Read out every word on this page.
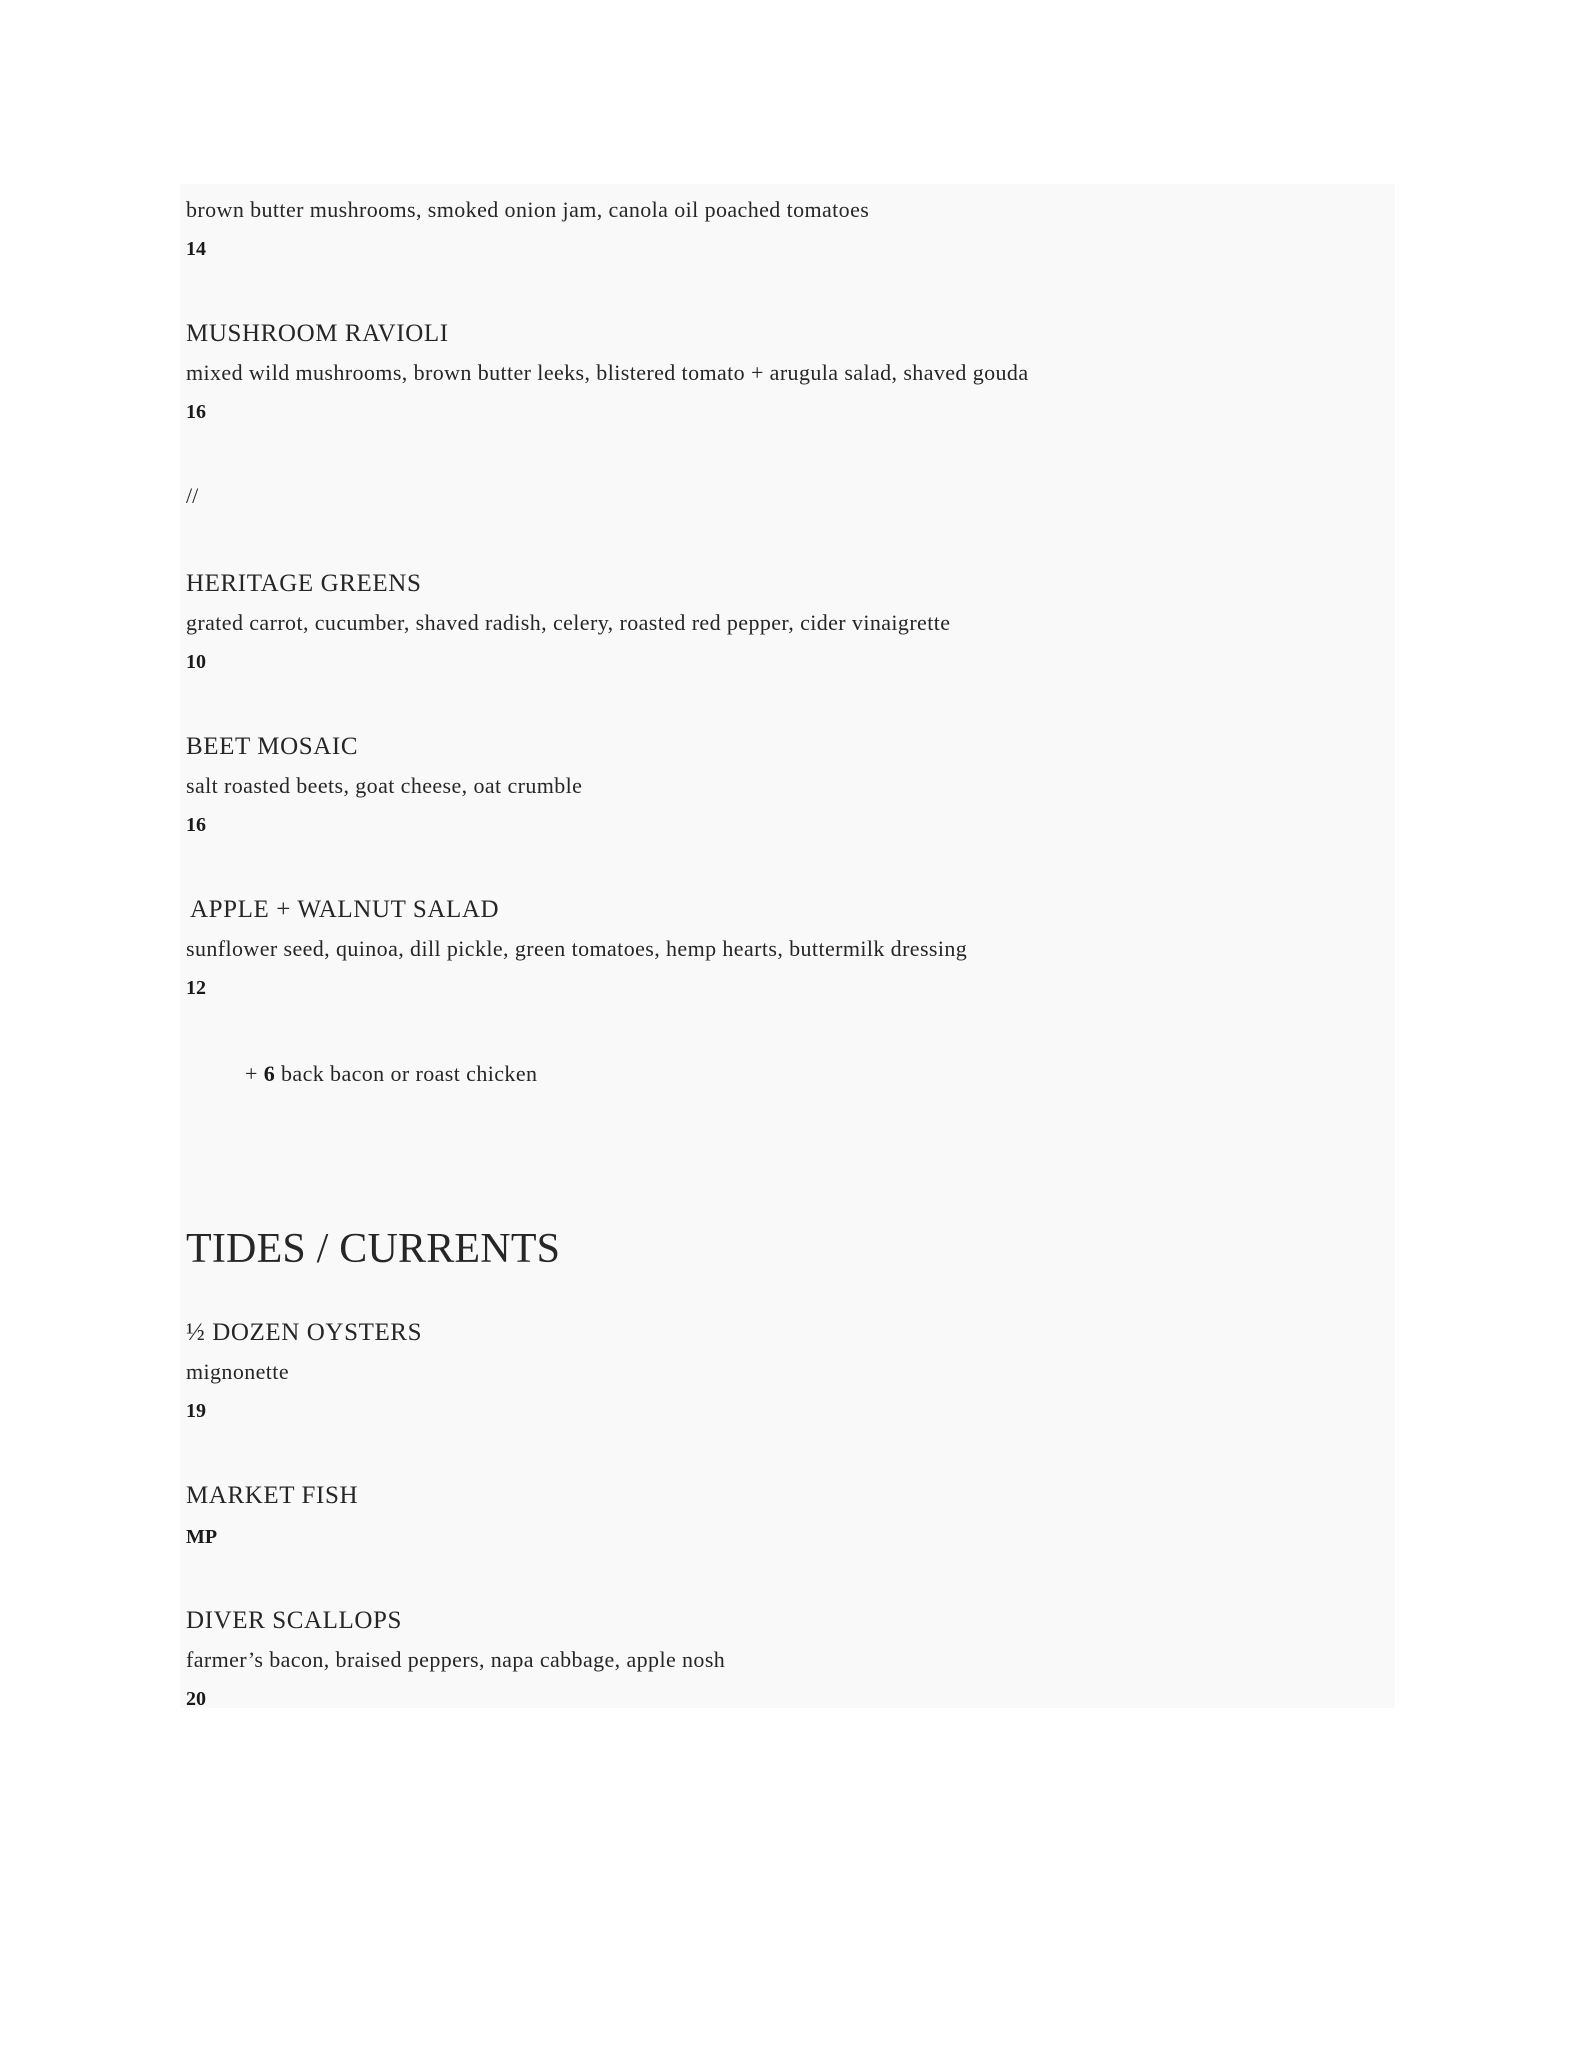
brown butter mushrooms, smoked onion jam, canola oil poached tomatoes
14
MUSHROOM RAVIOLI
mixed wild mushrooms, brown butter leeks, blistered tomato + arugula salad, shaved gouda
16
//
HERITAGE GREENS
grated carrot, cucumber, shaved radish, celery, roasted red pepper, cider vinaigrette
10
BEET MOSAIC
salt roasted beets, goat cheese, oat crumble
16
APPLE + WALNUT SALAD
sunflower seed, quinoa, dill pickle, green tomatoes, hemp hearts, buttermilk dressing
12
+ 6 back bacon or roast chicken
TIDES / CURRENTS
½ DOZEN OYSTERS
mignonette
19
MARKET FISH
MP
DIVER SCALLOPS
farmer’s bacon, braised peppers, napa cabbage, apple nosh
20
